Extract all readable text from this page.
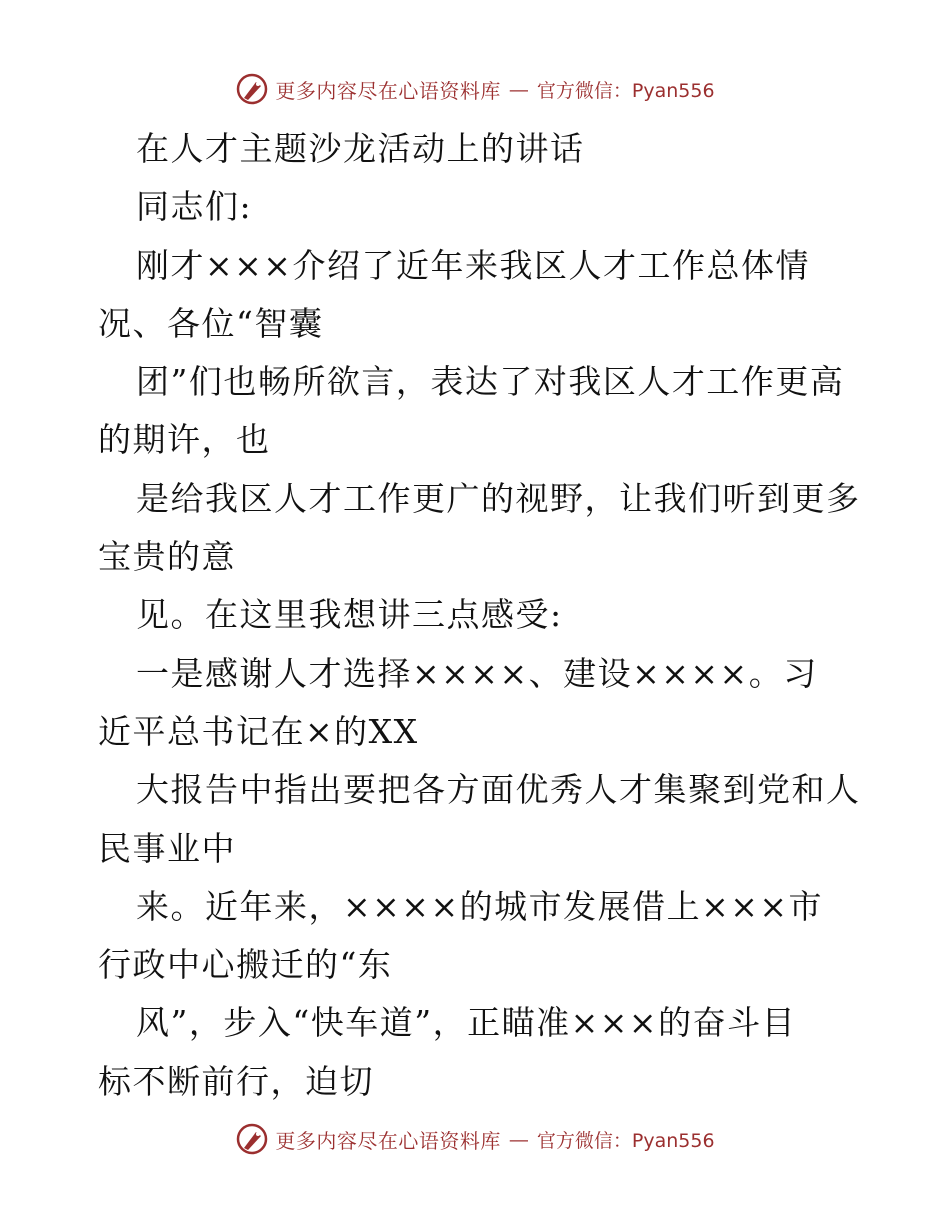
更多内容尽在心语资料库 — 官方微信：Pyan556
在人才主题沙龙活动上的讲话
同志们:
刚才×××介绍了近年来我区人才工作总体情
况、各位“智囊
团”们也畅所欲言，表达了对我区人才工作更高
的期许，也
是给我区人才工作更广的视野，让我们听到更多
宝贵的意
见。在这里我想讲三点感受:
一是感谢人才选择××××、建设××××。习
近平总书记在×的XX
大报告中指出要把各方面优秀人才集聚到党和人
民事业中
来。近年来，××××的城市发展借上×××市
行政中心搬迁的“东
风”，步入“快车道”，正瞄准×××的奋斗目
标不断前行，迫切
更多内容尽在心语资料库 — 官方微信：Pyan556
